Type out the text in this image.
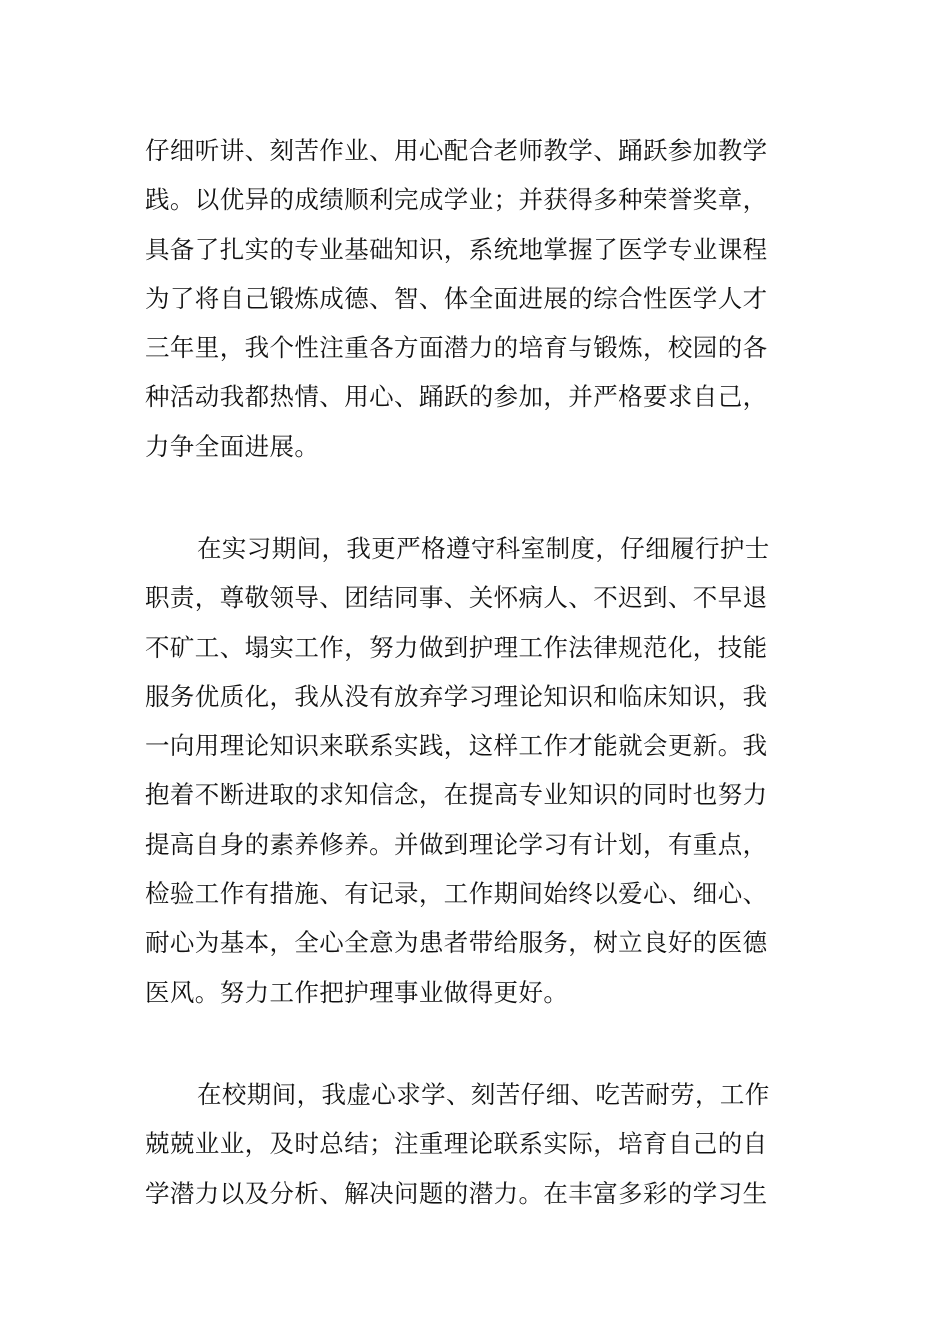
仔细听讲、刻苦作业、用心配合老师教学、踊跃参加教学
践。以优异的成绩顺利完成学业；并获得多种荣誉奖章，
具备了扎实的专业基础知识，系统地掌握了医学专业课程
为了将自己锻炼成德、智、体全面进展的综合性医学人才
三年里，我个性注重各方面潜力的培育与锻炼，校园的各
种活动我都热情、用心、踊跃的参加，并严格要求自己，
力争全面进展。
在实习期间，我更严格遵守科室制度，仔细履行护士
职责，尊敬领导、团结同事、关怀病人、不迟到、不早退
不矿工、塌实工作，努力做到护理工作法律规范化，技能
服务优质化，我从没有放弃学习理论知识和临床知识，我
一向用理论知识来联系实践，这样工作才能就会更新。我
抱着不断进取的求知信念，在提高专业知识的同时也努力
提高自身的素养修养。并做到理论学习有计划，有重点，
检验工作有措施、有记录，工作期间始终以爱心、细心、
耐心为基本，全心全意为患者带给服务，树立良好的医德
医风。努力工作把护理事业做得更好。
在校期间，我虚心求学、刻苦仔细、吃苦耐劳，工作
兢兢业业，及时总结；注重理论联系实际，培育自己的自
学潜力以及分析、解决问题的潜力。在丰富多彩的学习生
